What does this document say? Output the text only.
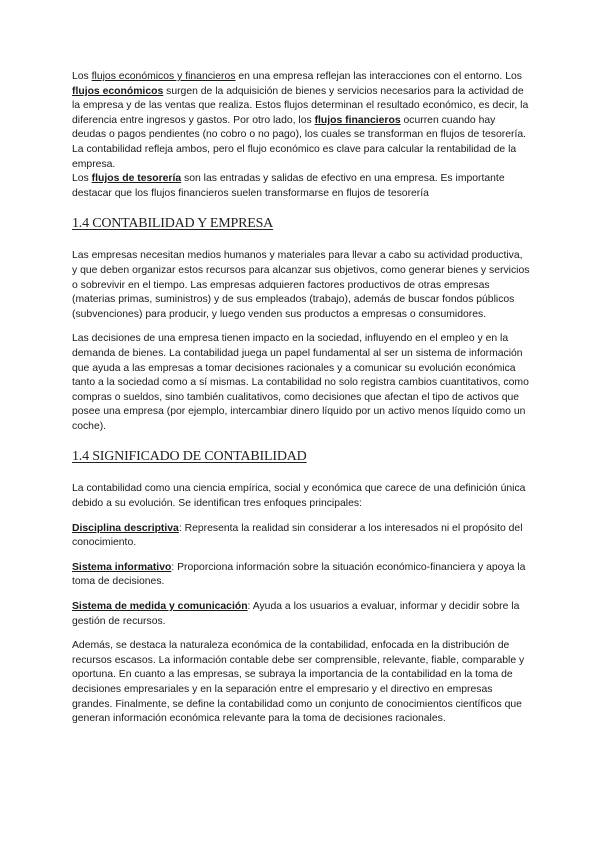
Los flujos económicos y financieros en una empresa reflejan las interacciones con el entorno. Los flujos económicos surgen de la adquisición de bienes y servicios necesarios para la actividad de la empresa y de las ventas que realiza. Estos flujos determinan el resultado económico, es decir, la diferencia entre ingresos y gastos. Por otro lado, los flujos financieros ocurren cuando hay deudas o pagos pendientes (no cobro o no pago), los cuales se transforman en flujos de tesorería. La contabilidad refleja ambos, pero el flujo económico es clave para calcular la rentabilidad de la empresa.

Los flujos de tesorería son las entradas y salidas de efectivo en una empresa. Es importante destacar que los flujos financieros suelen transformarse en flujos de tesorería

1.4 CONTABILIDAD Y EMPRESA

Las empresas necesitan medios humanos y materiales para llevar a cabo su actividad productiva, y que deben organizar estos recursos para alcanzar sus objetivos, como generar bienes y servicios o sobrevivir en el tiempo. Las empresas adquieren factores productivos de otras empresas (materias primas, suministros) y de sus empleados (trabajo), además de buscar fondos públicos (subvenciones) para producir, y luego venden sus productos a empresas o consumidores.

Las decisiones de una empresa tienen impacto en la sociedad, influyendo en el empleo y en la demanda de bienes. La contabilidad juega un papel fundamental al ser un sistema de información que ayuda a las empresas a tomar decisiones racionales y a comunicar su evolución económica tanto a la sociedad como a sí mismas. La contabilidad no solo registra cambios cuantitativos, como compras o sueldos, sino también cualitativos, como decisiones que afectan el tipo de activos que posee una empresa (por ejemplo, intercambiar dinero líquido por un activo menos líquido como un coche).

1.4 SIGNIFICADO DE CONTABILIDAD

La contabilidad como una ciencia empírica, social y económica que carece de una definición única debido a su evolución. Se identifican tres enfoques principales:

Disciplina descriptiva: Representa la realidad sin considerar a los interesados ni el propósito del conocimiento.

Sistema informativo: Proporciona información sobre la situación económico-financiera y apoya la toma de decisiones.

Sistema de medida y comunicación: Ayuda a los usuarios a evaluar, informar y decidir sobre la gestión de recursos.

Además, se destaca la naturaleza económica de la contabilidad, enfocada en la distribución de recursos escasos. La información contable debe ser comprensible, relevante, fiable, comparable y oportuna. En cuanto a las empresas, se subraya la importancia de la contabilidad en la toma de decisiones empresariales y en la separación entre el empresario y el directivo en empresas grandes. Finalmente, se define la contabilidad como un conjunto de conocimientos científicos que generan información económica relevante para la toma de decisiones racionales.
